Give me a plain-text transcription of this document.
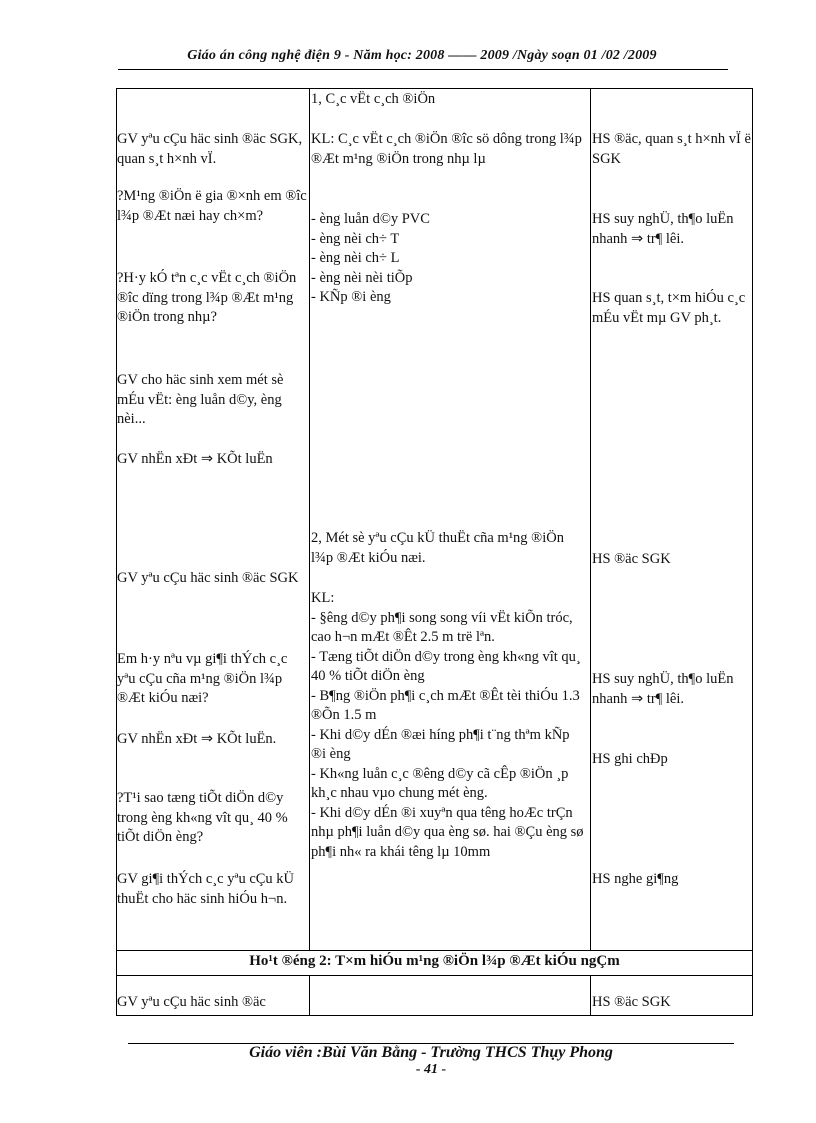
Giáo án công nghệ điện 9 - Năm học: 2008 —— 2009 /Ngày soạn 01 /02 /2009
Ho¹t ®éng 2: T×m hiÓu m¹ng ®iÖn l¾p ®Æt kiÓu ngÇm

GV yªu cÇu häc sinh ®äc SGK, quan s¸t h×nh vÏ.

?M¹ng ®iÖn ë gia ®×nh em ®îc l¾p ®Æt næi hay ch×m?

?H·y kÓ tªn c¸c vËt c¸ch ®iÖn ®îc dïng trong l¾p ®Æt m¹ng ®iÖn trong nhµ?

GV cho häc sinh xem mét sè mÉu vËt: èng luån d©y, èng nèi...

GV nhËn xÐt ⇒ KÕt luËn

GV yªu cÇu häc sinh ®äc SGK

Em h·y nªu vµ gi¶i thÝch c¸c yªu cÇu cña m¹ng ®iÖn l¾p ®Æt kiÓu næi?

GV nhËn xÐt ⇒ KÕt luËn.

?T¹i sao tæng tiÕt diÖn d©y trong èng kh«ng vît qu¸ 40 % tiÕt diÖn èng?

GV gi¶i thÝch c¸c yªu cÇu kÜ thuËt cho häc sinh hiÓu h¬n.

GV yªu cÇu häc sinh ®äc

1, C¸c vËt c¸ch ®iÖn

KL: C¸c vËt c¸ch ®iÖn ®îc sö dông trong l¾p ®Æt m¹ng ®iÖn trong nhµ lµ

- èng luån d©y PVC

- èng nèi ch÷ T

- èng nèi ch÷ L

- èng nèi nèi tiÕp

- KÑp ®i èng

2, Mét sè yªu cÇu kÜ thuËt cña m¹ng ®iÖn l¾p ®Æt kiÓu næi.

KL:

- §êng d©y ph¶i song song víi vËt kiÕn tróc, cao h¬n mÆt ®Êt 2.5 m trë lªn.

- Tæng tiÕt diÖn d©y trong èng kh«ng vît qu¸ 40 % tiÕt diÖn èng

- B¶ng ®iÖn ph¶i c¸ch mÆt ®Êt tèi thiÓu 1.3 ®Õn 1.5 m

- Khi d©y dÉn ®æi híng ph¶i t¨ng thªm kÑp ®i èng

- Kh«ng luån c¸c ®êng d©y cã cÊp ®iÖn ¸p kh¸c nhau vµo chung mét èng.

- Khi d©y dÉn ®i xuyªn qua têng hoÆc trÇn nhµ ph¶i luån d©y qua èng sø. hai ®Çu èng sø ph¶i nh« ra khái têng lµ 10mm

HS ®äc, quan s¸t h×nh vÏ ë SGK

HS suy nghÜ, th¶o luËn nhanh ⇒ tr¶ lêi.

HS quan s¸t, t×m hiÓu c¸c mÉu vËt mµ GV ph¸t.

HS ®äc SGK

HS suy nghÜ, th¶o luËn nhanh ⇒ tr¶ lêi.

HS ghi chÐp

HS nghe gi¶ng

HS ®äc SGK

Giáo viên :Bùi Văn Bằng - Trường THCS Thụy Phong
- 41 -
